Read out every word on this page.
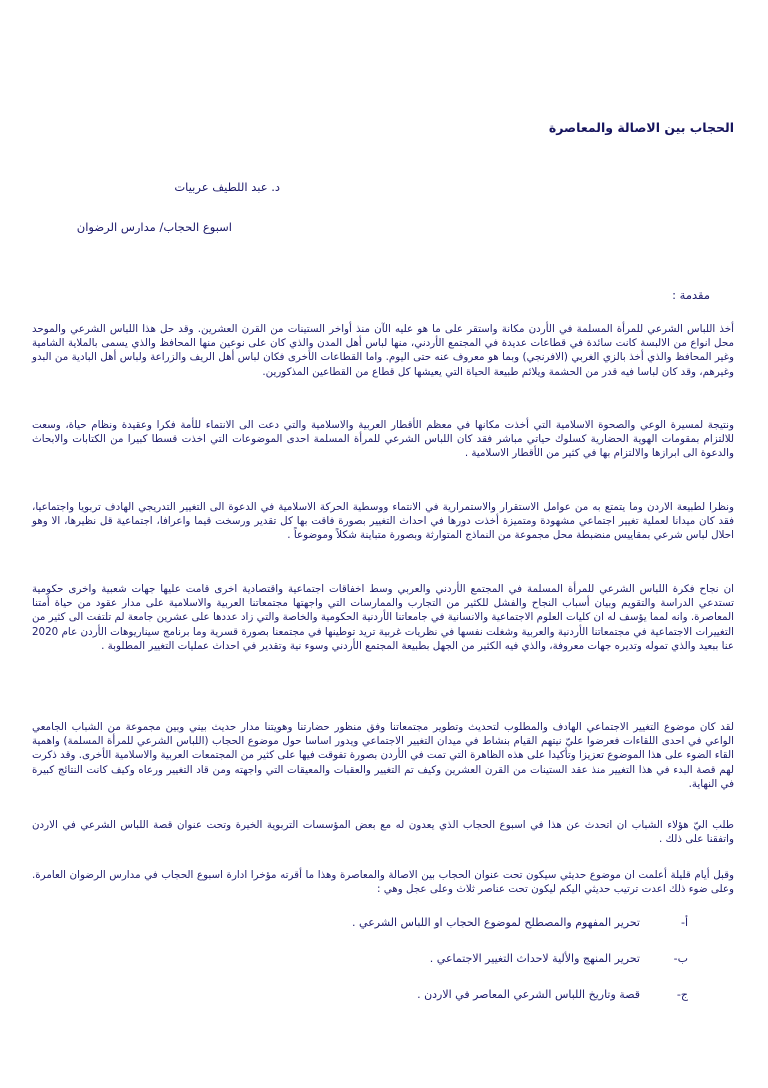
الحجاب بين الاصالة والمعاصرة
د. عبد اللطيف عربيات
اسبوع الحجاب/ مدارس الرضوان
مقدمة :

أخذ اللباس الشرعي للمرأة المسلمة في الأردن مكانة واستقر على ما هو عليه الآن منذ أواخر الستينات من القرن العشرين. وقد حل هذا اللباس الشرعي والموحد محل انواع من الالبسة كانت سائدة في قطاعات عديدة في المجتمع الأردني، منها لباس أهل المدن والذي كان على نوعين منها المحافظ والذي يسمى بالملاية الشامية وغير المحافظ والذي أخذ بالزي الغربي (الافرنجي) وبما هو معروف عنه حتى اليوم. واما القطاعات الأخرى فكان لباس أهل الريف والزراعة ولباس أهل البادية من البدو وغيرهم، وقد كان لباسا فيه قدر من الحشمة ويلائم طبيعة الحياة التي يعيشها كل قطاع من القطاعين المذكورين.

ونتيجة لمسيرة الوعي والصحوة الاسلامية التي أخذت مكانها في معظم الأقطار العربية والاسلامية والتي دعت الى الانتماء للأمة فكرا وعقيدة ونظام حياة، وسعت للالتزام بمقومات الهوية الحضارية كسلوك حياتي مباشر فقد كان اللباس الشرعي للمرأة المسلمة احدى الموضوعات التي اخذت قسطا كبيرا من الكتابات والابحاث والدعوة الى ابرازها والالتزام بها في كثير من الأقطار الاسلامية .

ونظرا لطبيعة الاردن وما يتمتع به من عوامل الاستقرار والاستمرارية في الانتماء ووسطية الحركة الاسلامية في الدعوة الى التغيير التدريجي الهادف تربويا واجتماعيا، فقد كان ميدانا لعملية تغيير اجتماعي مشهودة ومتميزة أخذت دورها في احداث التغيير بصورة فاقت بها كل تقدير ورسخت قيما واعرافا، اجتماعية قل نظيرها، الا وهو احلال لباس شرعي بمقاييس منضبطة محل مجموعة من النماذج المتوارثة وبصورة متباينة شكلاً وموضوعاً .

ان نجاح فكرة اللباس الشرعي للمرأة المسلمة في المجتمع الأردني والعربي وسط اخفاقات اجتماعية واقتصادية اخرى قامت عليها جهات شعبية واخرى حكومية تستدعي الدراسة والتقويم وبيان أسباب النجاح والفشل للكثير من التجارب والممارسات التي واجهتها مجتمعاتنا العربية والاسلامية على مدار عقود من حياة أمتنا المعاصرة. وانه لمما يؤسف له ان كليات العلوم الاجتماعية والانسانية في جامعاتنا الأردنية الحكومية والخاصة والتي زاد عددها على عشرين جامعة لم تلتفت الى كثير من التغييرات الاجتماعية في مجتمعاتنا الأردنية والعربية وشغلت نفسها في نظريات غربية تريد توطينها في مجتمعنا بصورة قسرية وما برنامج سيناريوهات الأردن عام 2020 عنا ببعيد والذي تموله وتديره جهات معروفة، والذي فيه الكثير من الجهل بطبيعة المجتمع الأردني وسوء نية وتقدير في احداث عمليات التغيير المطلوبة .

لقد كان موضوع التغيير الاجتماعي الهادف والمطلوب لتحديث وتطوير مجتمعاتنا وفق منظور حضارتنا وهويتنا مدار حديث بيني وبين مجموعة من الشباب الجامعي الواعي في احدى اللقاءات فعرضوا عليّ نيتهم القيام بنشاط في ميدان التغيير الاجتماعي ويدور اساسا حول موضوع الحجاب (اللباس الشرعي للمرأة المسلمة) واهمية القاء الضوء على هذا الموضوع تعزيزا وتأكيدا على هذه الظاهرة التي تمت في الأردن بصورة تفوقت فيها على كثير من المجتمعات العربية والاسلامية الأخرى. وقد ذكرت لهم قصة البدء في هذا التغيير منذ عقد الستينات من القرن العشرين وكيف تم التغيير والعقبات والمعيقات التي واجهته ومن قاد التغيير ورعاه وكيف كانت النتائج كبيرة في النهاية.

طلب اليّ هؤلاء الشباب ان اتحدث عن هذا في اسبوع الحجاب الذي يعدون له مع بعض المؤسسات التربوية الخيرة وتحت عنوان قصة اللباس الشرعي في الاردن واتفقنا على ذلك .

وقبل أيام قليلة أعلمت ان موضوع حديثي سيكون تحت عنوان الحجاب بين الاصالة والمعاصرة وهذا ما أقرته مؤخرا ادارة اسبوع الحجاب في مدارس الرضوان العامرة. وعلى ضوء ذلك اعدت ترتيب حديثي اليكم ليكون تحت عناصر ثلاث وعلى عجل وهي :

أ-
تحرير المفهوم والمصطلح لموضوع الحجاب او اللباس الشرعي .
ب-
تحرير المنهج والألية لاحداث التغيير الاجتماعي .
ج-
قصة وتاريخ اللباس الشرعي المعاصر في الاردن .
